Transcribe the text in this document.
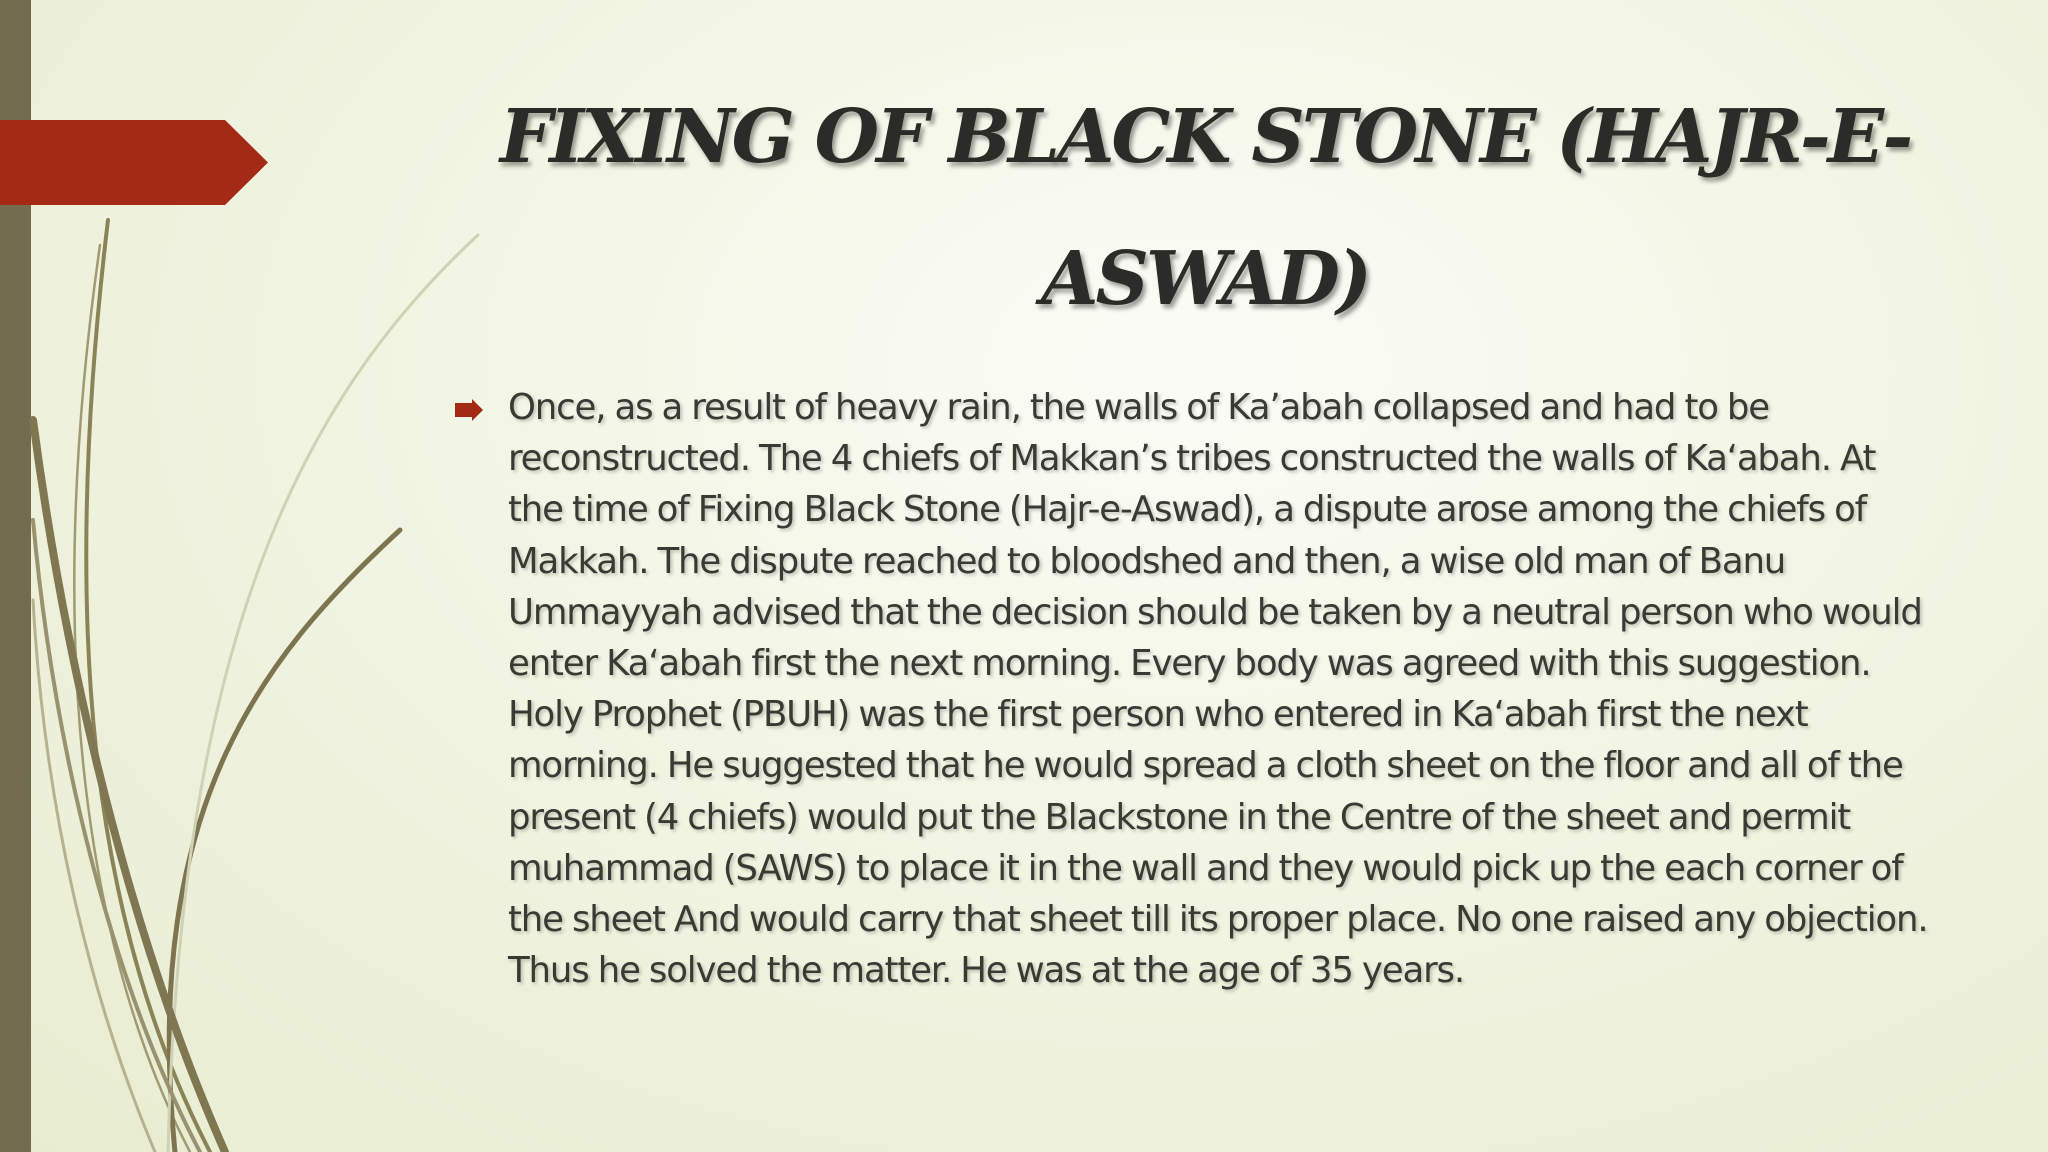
FIXING OF BLACK STONE (HAJR-E-
ASWAD)

Once, as a result of heavy rain, the walls of Ka’abah collapsed and had to be reconstructed. The 4 chiefs of Makkan’s tribes constructed the walls of Ka‘abah. At the time of Fixing Black Stone (Hajr-e-Aswad), a dispute arose among the chiefs of Makkah. The dispute reached to bloodshed and then, a wise old man of Banu Ummayyah advised that the decision should be taken by a neutral person who would enter Ka‘abah first the next morning. Every body was agreed with this suggestion. Holy Prophet (PBUH) was the first person who entered in Ka‘abah first the next morning. He suggested that he would spread a cloth sheet on the floor and all of the present (4 chiefs) would put the Blackstone in the Centre of the sheet and permit muhammad (SAWS) to place it in the wall and they would pick up the each corner of the sheet And would carry that sheet till its proper place. No one raised any objection. Thus he solved the matter. He was at the age of 35 years.
